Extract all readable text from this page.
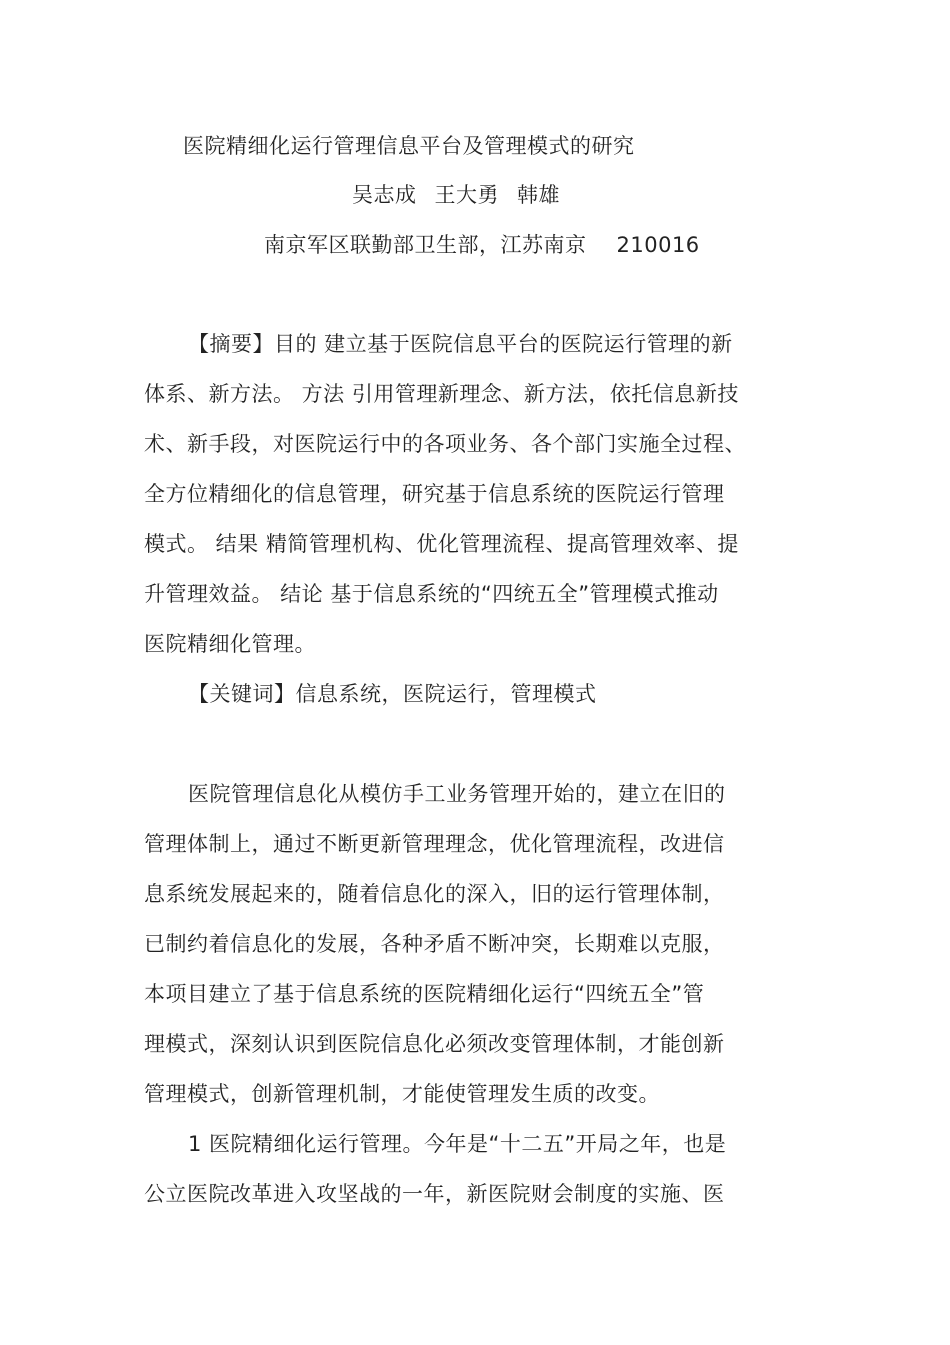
医院精细化运行管理信息平台及管理模式的研究
吴志成 王大勇 韩雄
南京军区联勤部卫生部，江苏南京 210016
【摘要】目的 建立基于医院信息平台的医院运行管理的新
体系、新方法。 方法 引用管理新理念、新方法，依托信息新技
术、新手段，对医院运行中的各项业务、各个部门实施全过程、
全方位精细化的信息管理，研究基于信息系统的医院运行管理
模式。 结果 精简管理机构、优化管理流程、提高管理效率、提
升管理效益。 结论 基于信息系统的“四统五全”管理模式推动
医院精细化管理。
【关键词】信息系统，医院运行，管理模式
医院管理信息化从模仿手工业务管理开始的，建立在旧的
管理体制上，通过不断更新管理理念，优化管理流程，改进信
息系统发展起来的，随着信息化的深入，旧的运行管理体制，
已制约着信息化的发展，各种矛盾不断冲突，长期难以克服，
本项目建立了基于信息系统的医院精细化运行“四统五全”管
理模式，深刻认识到医院信息化必须改变管理体制，才能创新
管理模式，创新管理机制，才能使管理发生质的改变。
1 医院精细化运行管理。今年是“十二五”开局之年，也是
公立医院改革进入攻坚战的一年，新医院财会制度的实施、医
